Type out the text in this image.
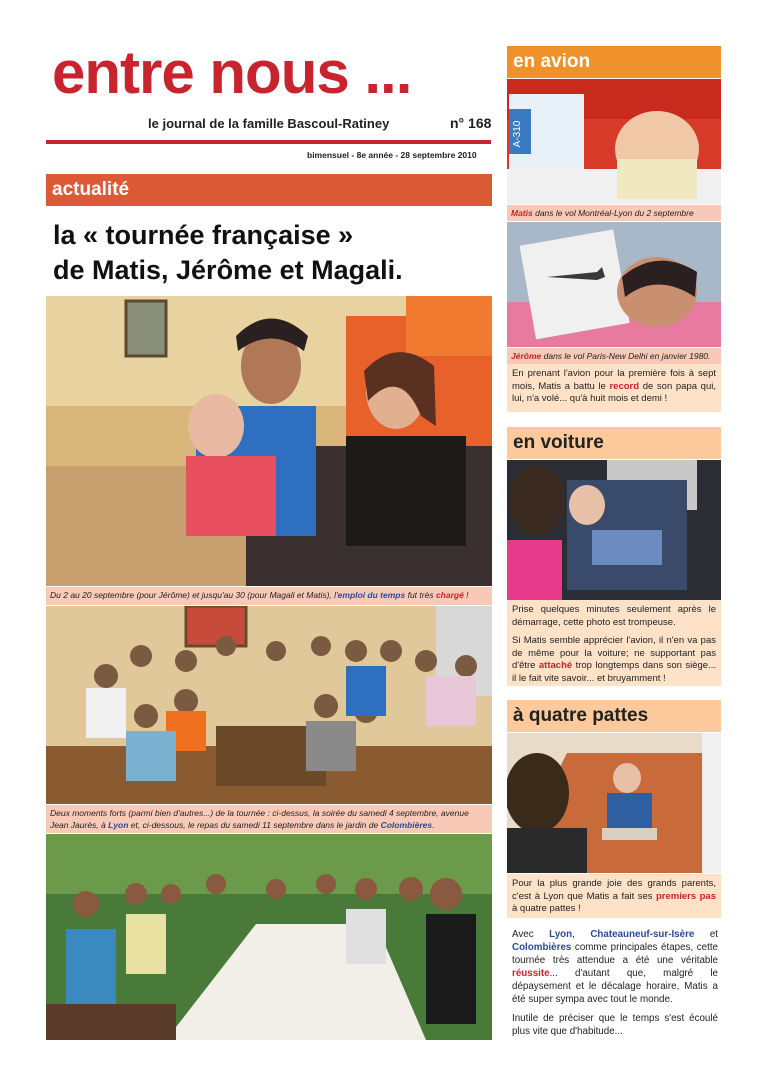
entre nous ...
le journal de la famille Bascoul-Ratiney	n° 168
bimensuel - 8e année - 28 septembre 2010
actualité
la « tournée française »
de Matis, Jérôme et Magali.
Du 2 au 20 septembre (pour Jérôme) et jusqu'au 30 (pour Magali et Matis), l'emploi du temps fut très chargé !
Deux moments forts (parmi bien d'autres...) de la tournée : ci-dessus, la soirée du samedi 4 septembre, avenue Jean Jaurès, à Lyon et, ci-dessous, le repas du samedi 11 septembre dans le jardin de Colombières.
en avion
A-310
Matis dans le vol Montréal-Lyon du 2 septembre
Jérôme dans le vol Paris-New Delhi en janvier 1980.
En prenant l'avion pour la première fois à sept mois, Matis a battu le record de son papa qui, lui, n'a volé... qu'à huit mois et demi !
en voiture

Prise quelques minutes seulement après le démarrage, cette photo est trompeuse.

Si Matis semble apprécier l'avion, il n'en va pas de même pour la voiture; ne supportant pas d'être attaché trop longtemps dans son siège... il le fait vite savoir... et bruyamment !

à quatre pattes
Pour la plus grande joie des grands parents, c'est à Lyon que Matis a fait ses premiers pas à quatre pattes !

Avec Lyon, Chateauneuf-sur-Isère et Colombières comme principales étapes, cette tournée très attendue a été une véritable réussite... d'autant que, malgré le dépaysement et le décalage horaire, Matis a été super sympa avec tout le monde.

Inutile de préciser que le temps s'est écoulé plus vite que d'habitude...
